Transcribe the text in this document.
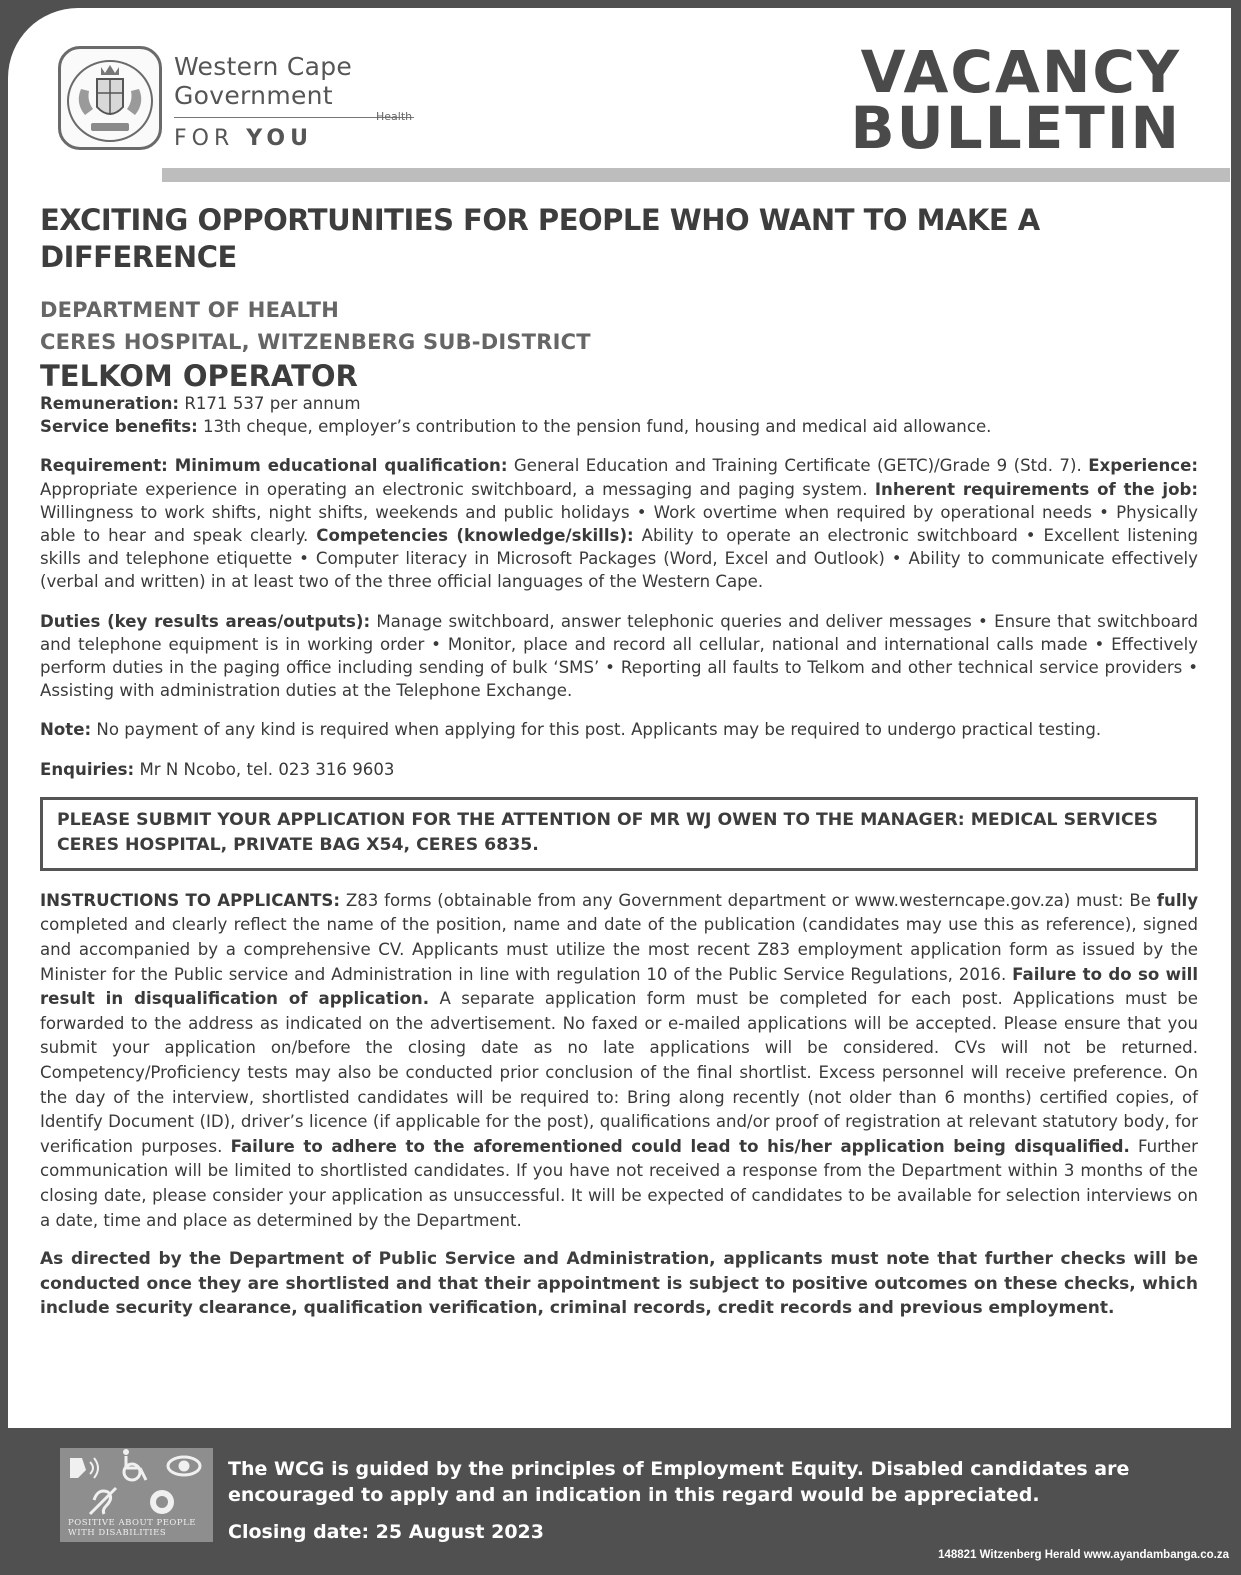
Western Cape Government
Health
FOR YOU
VACANCY
BULLETIN
EXCITING OPPORTUNITIES FOR PEOPLE WHO WANT TO MAKE A DIFFERENCE
DEPARTMENT OF HEALTH
CERES HOSPITAL, WITZENBERG SUB-DISTRICT
TELKOM OPERATOR
Remuneration: R171 537 per annum
Service benefits: 13th cheque, employer’s contribution to the pension fund, housing and medical aid allowance.
Requirement: Minimum educational qualification: General Education and Training Certificate (GETC)/Grade 9 (Std. 7). Experience: Appropriate experience in operating an electronic switchboard, a messaging and paging system. Inherent requirements of the job: Willingness to work shifts, night shifts, weekends and public holidays • Work overtime when required by operational needs • Physically able to hear and speak clearly. Competencies (knowledge/skills): Ability to operate an electronic switchboard • Excellent listening skills and telephone etiquette • Computer literacy in Microsoft Packages (Word, Excel and Outlook) • Ability to communicate effectively (verbal and written) in at least two of the three official languages of the Western Cape.
Duties (key results areas/outputs): Manage switchboard, answer telephonic queries and deliver messages • Ensure that switchboard and telephone equipment is in working order • Monitor, place and record all cellular, national and international calls made • Effectively perform duties in the paging office including sending of bulk ‘SMS’ • Reporting all faults to Telkom and other technical service providers • Assisting with administration duties at the Telephone Exchange.
Note: No payment of any kind is required when applying for this post. Applicants may be required to undergo practical testing.
Enquiries: Mr N Ncobo, tel. 023 316 9603
PLEASE SUBMIT YOUR APPLICATION FOR THE ATTENTION OF MR WJ OWEN TO THE MANAGER: MEDICAL SERVICES CERES HOSPITAL, PRIVATE BAG X54, CERES 6835.
INSTRUCTIONS TO APPLICANTS: Z83 forms (obtainable from any Government department or www.westerncape.gov.za) must: Be fully completed and clearly reflect the name of the position, name and date of the publication (candidates may use this as reference), signed and accompanied by a comprehensive CV. Applicants must utilize the most recent Z83 employment application form as issued by the Minister for the Public service and Administration in line with regulation 10 of the Public Service Regulations, 2016. Failure to do so will result in disqualification of application. A separate application form must be completed for each post. Applications must be forwarded to the address as indicated on the advertisement. No faxed or e-mailed applications will be accepted. Please ensure that you submit your application on/before the closing date as no late applications will be considered. CVs will not be returned. Competency/Proficiency tests may also be conducted prior conclusion of the final shortlist. Excess personnel will receive preference. On the day of the interview, shortlisted candidates will be required to: Bring along recently (not older than 6 months) certified copies, of Identify Document (ID), driver’s licence (if applicable for the post), qualifications and/or proof of registration at relevant statutory body, for verification purposes. Failure to adhere to the aforementioned could lead to his/her application being disqualified. Further communication will be limited to shortlisted candidates. If you have not received a response from the Department within 3 months of the closing date, please consider your application as unsuccessful. It will be expected of candidates to be available for selection interviews on a date, time and place as determined by the Department.
As directed by the Department of Public Service and Administration, applicants must note that further checks will be conducted once they are shortlisted and that their appointment is subject to positive outcomes on these checks, which include security clearance, qualification verification, criminal records, credit records and previous employment.
POSITIVE ABOUT PEOPLE WITH DISABILITIES
The WCG is guided by the principles of Employment Equity. Disabled candidates are encouraged to apply and an indication in this regard would be appreciated.
Closing date: 25 August 2023
148821 Witzenberg Herald www.ayandambanga.co.za
